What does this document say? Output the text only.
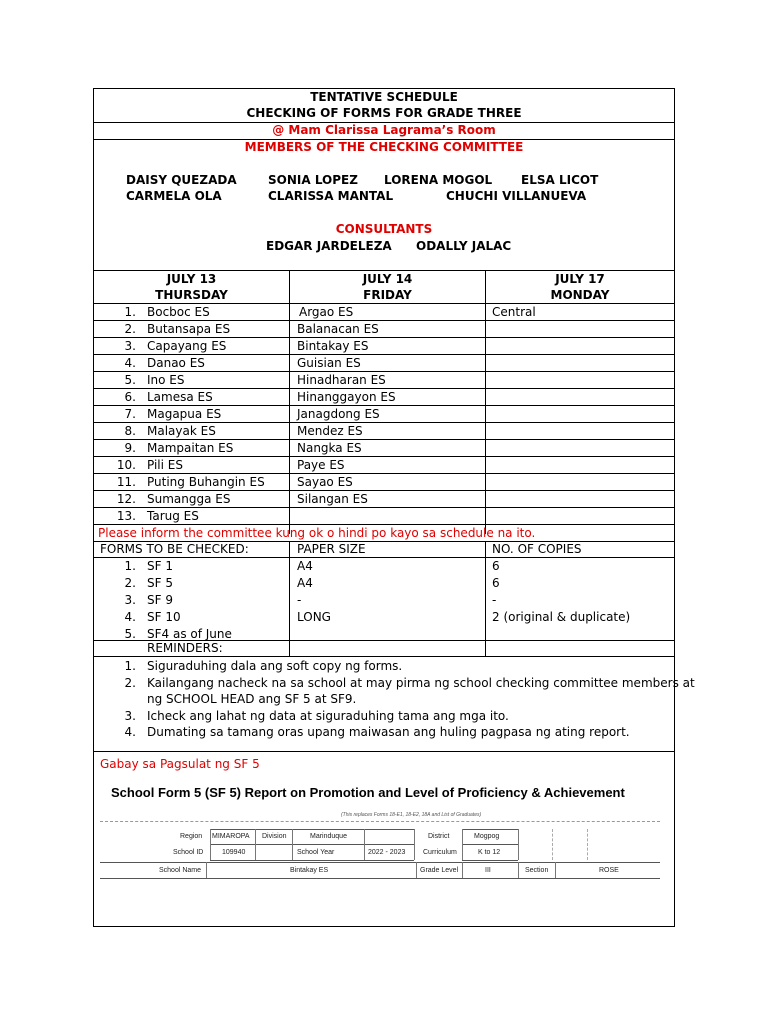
TENTATIVE SCHEDULE
CHECKING OF FORMS FOR GRADE THREE
@ Mam Clarissa Lagrama’s Room
MEMBERS OF THE CHECKING COMMITTEE
DAISY QUEZADA	SONIA LOPEZ LORENA MOGOL ELSA LICOT
CARMELA OLA	CLARISSA MANTAL	CHUCHI VILLANUEVA
CONSULTANTS
EDGAR JARDELEZA ODALLY JALAC
JULY 13
THURSDAY
JULY 14
FRIDAY
JULY 17
MONDAY
1. Bocboc ES	Argao ES	Central
2. Butansapa ES	Balanacan ES
3. Capayang ES	Bintakay ES
4. Danao ES	Guisian ES
5. Ino ES	Hinadharan ES
6. Lamesa ES	Hinanggayon ES
7. Magapua ES	Janagdong ES
8. Malayak ES	Mendez ES
9. Mampaitan ES	Nangka ES
10. Pili ES	Paye ES
11. Puting Buhangin ES	Sayao ES
12. Sumangga ES	Silangan ES
13. Tarug ES
Please inform the committee kung ok o hindi po kayo sa schedule na ito.
FORMS TO BE CHECKED:	PAPER SIZE	NO. OF COPIES
1. SF 1	A4	6
2. SF 5	A4	6
3. SF 9	-	-
4. SF 10	LONG	2 (original & duplicate)
5. SF4 as of June
REMINDERS:
1. Siguraduhing dala ang soft copy ng forms.
2. Kailangang nacheck na sa school at may pirma ng school checking committee members at
ng SCHOOL HEAD ang SF 5 at SF9.
3. Icheck ang lahat ng data at siguraduhing tama ang mga ito.
4. Dumating sa tamang oras upang maiwasan ang huling pagpasa ng ating report.
Gabay sa Pagsulat ng SF 5
School Form 5 (SF 5) Report on Promotion and Level of Proficiency & Achievement
(This replaces Forms 18-E1, 18-E2, 18A and List of Graduates)
Region MIMAROPA Division	Marinduque	District	Mogpog
School ID	109940	School Year	2022 - 2023	Curriculum	K to 12
School Name	Bintakay ES	Grade Level	III	Section	ROSE
